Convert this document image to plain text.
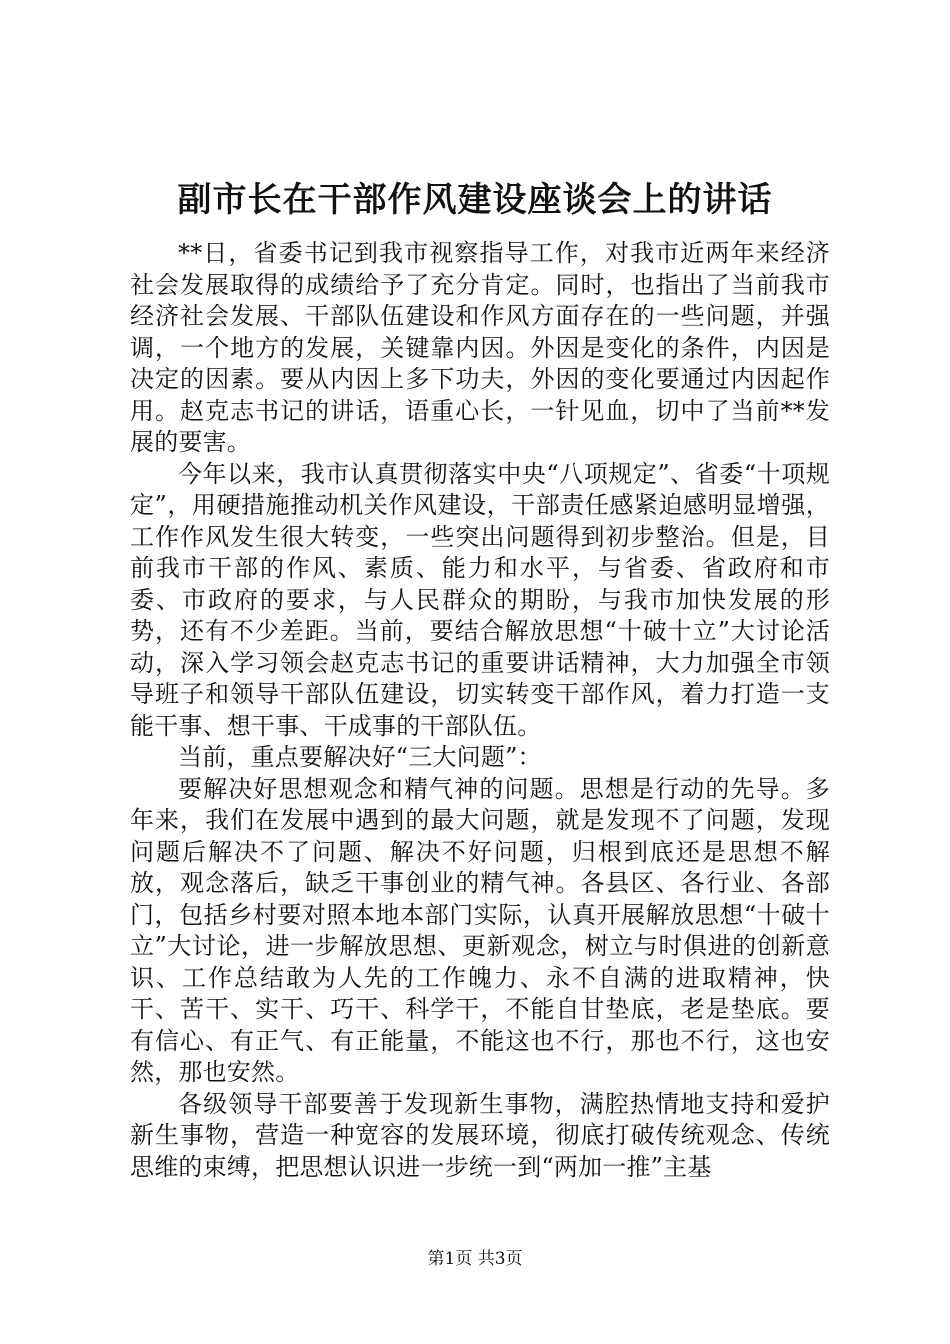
副市长在干部作风建设座谈会上的讲话

**日，省委书记到我市视察指导工作，对我市近两年来经济社会发展取得的成绩给予了充分肯定。同时，也指出了当前我市经济社会发展、干部队伍建设和作风方面存在的一些问题，并强调，一个地方的发展，关键靠内因。外因是变化的条件，内因是决定的因素。要从内因上多下功夫，外因的变化要通过内因起作用。赵克志书记的讲话，语重心长，一针见血，切中了当前**发展的要害。

今年以来，我市认真贯彻落实中央“八项规定”、省委“十项规定”，用硬措施推动机关作风建设，干部责任感紧迫感明显增强，工作作风发生很大转变，一些突出问题得到初步整治。但是，目前我市干部的作风、素质、能力和水平，与省委、省政府和市委、市政府的要求，与人民群众的期盼，与我市加快发展的形势，还有不少差距。当前，要结合解放思想“十破十立”大讨论活动，深入学习领会赵克志书记的重要讲话精神，大力加强全市领导班子和领导干部队伍建设，切实转变干部作风，着力打造一支能干事、想干事、干成事的干部队伍。

当前，重点要解决好“三大问题”：

要解决好思想观念和精气神的问题。思想是行动的先导。多年来，我们在发展中遇到的最大问题，就是发现不了问题，发现问题后解决不了问题、解决不好问题，归根到底还是思想不解放，观念落后，缺乏干事创业的精气神。各县区、各行业、各部门，包括乡村要对照本地本部门实际，认真开展解放思想“十破十立”大讨论，进一步解放思想、更新观念，树立与时俱进的创新意识、工作总结敢为人先的工作魄力、永不自满的进取精神，快干、苦干、实干、巧干、科学干，不能自甘垫底，老是垫底。要有信心、有正气、有正能量，不能这也不行，那也不行，这也安然，那也安然。

各级领导干部要善于发现新生事物，满腔热情地支持和爱护新生事物，营造一种宽容的发展环境，彻底打破传统观念、传统思维的束缚，把思想认识进一步统一到“两加一推”主基

第1页 共3页
